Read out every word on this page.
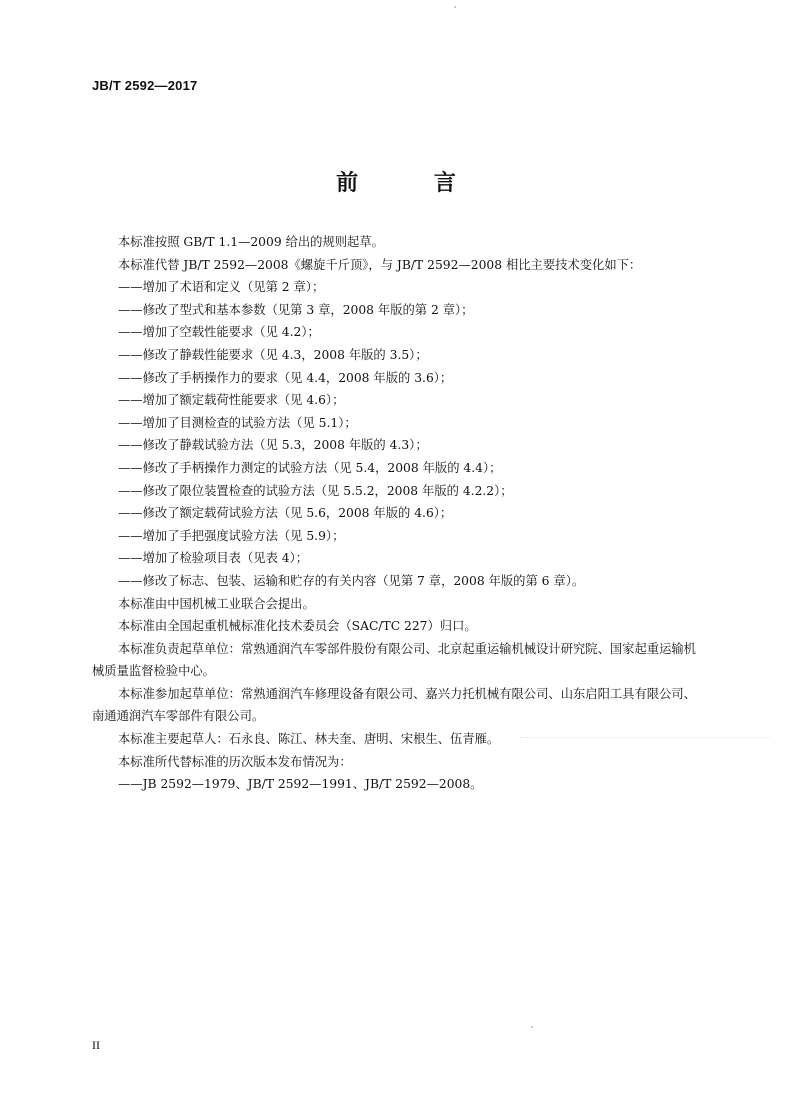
JB/T 2592—2017
前 言

本标准按照 GB/T 1.1—2009 给出的规则起草。

本标准代替 JB/T 2592—2008《螺旋千斤顶》，与 JB/T 2592—2008 相比主要技术变化如下：

——增加了术语和定义（见第 2 章）；

——修改了型式和基本参数（见第 3 章，2008 年版的第 2 章）；

——增加了空载性能要求（见 4.2）；

——修改了静载性能要求（见 4.3，2008 年版的 3.5）；

——修改了手柄操作力的要求（见 4.4，2008 年版的 3.6）；

——增加了额定载荷性能要求（见 4.6）；

——增加了目测检查的试验方法（见 5.1）；

——修改了静载试验方法（见 5.3，2008 年版的 4.3）；

——修改了手柄操作力测定的试验方法（见 5.4，2008 年版的 4.4）；

——修改了限位装置检查的试验方法（见 5.5.2，2008 年版的 4.2.2）；

——修改了额定载荷试验方法（见 5.6，2008 年版的 4.6）；

——增加了手把强度试验方法（见 5.9）；

——增加了检验项目表（见表 4）；

——修改了标志、包装、运输和贮存的有关内容（见第 7 章，2008 年版的第 6 章）。

本标准由中国机械工业联合会提出。

本标准由全国起重机械标准化技术委员会（SAC/TC 227）归口。

本标准负责起草单位：常熟通润汽车零部件股份有限公司、北京起重运输机械设计研究院、国家起重运输机械质量监督检验中心。

本标准参加起草单位：常熟通润汽车修理设备有限公司、嘉兴力托机械有限公司、山东启阳工具有限公司、南通通润汽车零部件有限公司。

本标准主要起草人：石永良、陈江、林夫奎、唐明、宋根生、伍青雁。

本标准所代替标准的历次版本发布情况为：

——JB 2592—1979、JB/T 2592—1991、JB/T 2592—2008。

II
